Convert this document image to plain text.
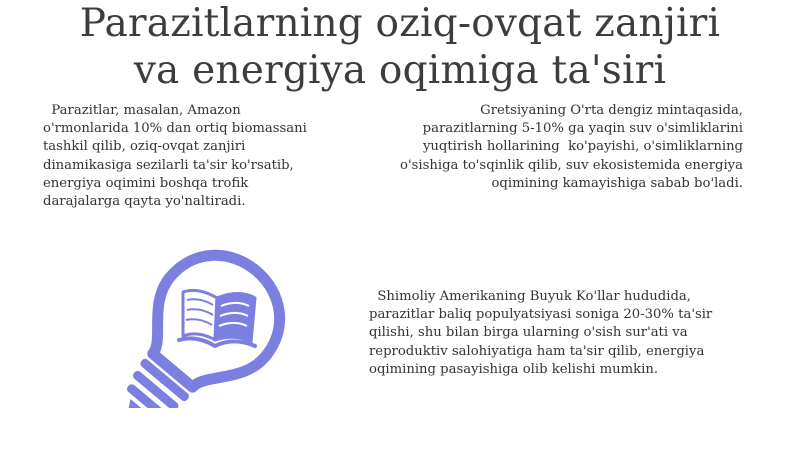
Parazitlarning oziq-ovqat zanjiri
va energiya oqimiga ta'siri
Parazitlar, masalan, Amazon
o'rmonlarida 10% dan ortiq biomassani
tashkil qilib, oziq-ovqat zanjiri
dinamikasiga sezilarli ta'sir ko'rsatib,
energiya oqimini boshqa trofik
darajalarga qayta yo'naltiradi.
Gretsiyaning O'rta dengiz mintaqasida,
parazitlarning 5-10% ga yaqin suv o'simliklarini
yuqtirish hollarining  ko'payishi, o'simliklarning
o'sishiga to'sqinlik qilib, suv ekosistemida energiya
oqimining kamayishiga sabab bo'ladi.
Shimoliy Amerikaning Buyuk Ko'llar hududida,
parazitlar baliq populyatsiyasi soniga 20-30% ta'sir
qilishi, shu bilan birga ularning o'sish sur'ati va
reproduktiv salohiyatiga ham ta'sir qilib, energiya
oqimining pasayishiga olib kelishi mumkin.
